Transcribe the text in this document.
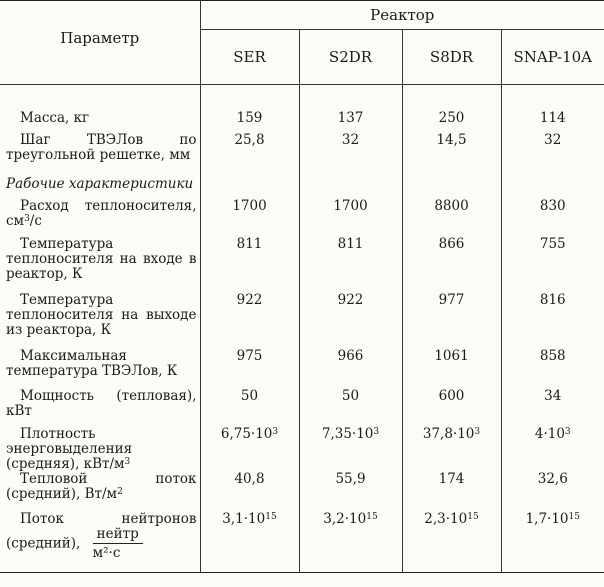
Параметр	Реактор			
	SER	S2DR	S8DR	SNAP-10A

Масса, кг	159	137	250	114
Шаг ТВЭЛов по треугольной решетке, мм	25,8	32	14,5	32
Рабочие характеристики				
Расход теплоносителя, $см^3/с$	1700	1700	8800	830
Температура теплоносителя на входе в реактор, К	811	811	866	755
Температура теплоносителя на выходе из реактора, К	922	922	977	816
Максимальная температура ТВЭЛов, К	975	966	1061	858
Мощность (тепловая), кВт	50	50	600	34
Плотность энерговыделения (средняя), кВт/$м^3$	$6,75\cdot 10^3$	$7,35\cdot 10^3$	$37,8\cdot 10^3$	$4\cdot 10^3$
Тепловой поток (средний), $Вт/м^2$	40,8	55,9	174	32,6
Поток нейтронов (средний), $\frac{\text{нейтр}}{\text{м²·с}}$	$3,1\cdot 10^{15}$	$3,2\cdot 10^{15}$	$2,3\cdot 10^{15}$	$1,7\cdot 10^{15}$
